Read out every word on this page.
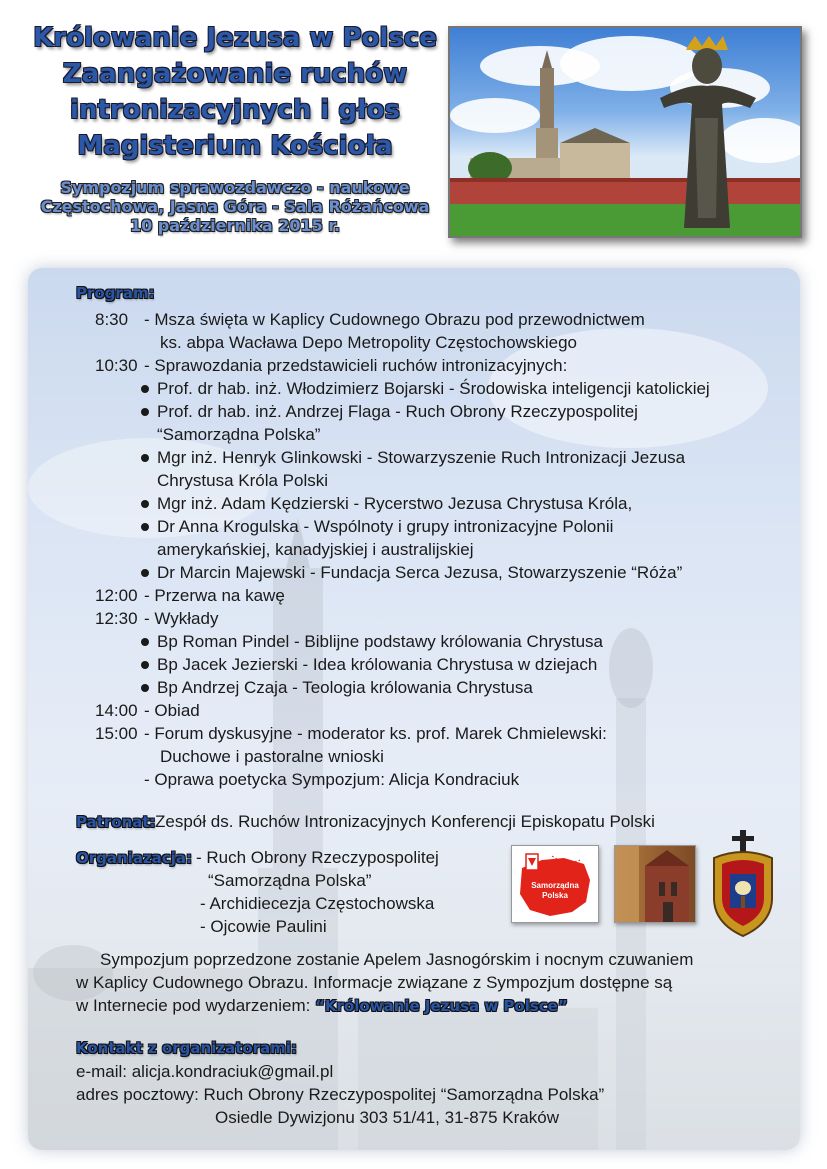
Królowanie Jezusa w Polsce
Zaangażowanie ruchów
intronizacyjnych i głos
Magisterium Kościoła
Sympozjum sprawozdawczo - naukowe
Częstochowa, Jasna Góra - Sala Różańcowa
10 października 2015 r.
Program:
8:30 - Msza święta w Kaplicy Cudownego Obrazu pod przewodnictwem
ks. abpa Wacława Depo Metropolity Częstochowskiego
10:30 - Sprawozdania przedstawicieli ruchów intronizacyjnych:
Prof. dr hab. inż. Włodzimierz Bojarski - Środowiska inteligencji katolickiej
Prof. dr hab. inż. Andrzej Flaga - Ruch Obrony Rzeczypospolitej
“Samorządna Polska”
Mgr inż. Henryk Glinkowski - Stowarzyszenie Ruch Intronizacji Jezusa
Chrystusa Króla Polski
Mgr inż. Adam Kędzierski - Rycerstwo Jezusa Chrystusa Króla,
Dr Anna Krogulska - Wspólnoty i grupy intronizacyjne Polonii
amerykańskiej, kanadyjskiej i australijskiej
Dr Marcin Majewski - Fundacja Serca Jezusa, Stowarzyszenie “Róża”
12:00 - Przerwa na kawę
12:30 - Wykłady
Bp Roman Pindel - Biblijne podstawy królowania Chrystusa
Bp Jacek Jezierski - Idea królowania Chrystusa w dziejach
Bp Andrzej Czaja - Teologia królowania Chrystusa
14:00 - Obiad
15:00 - Forum dyskusyjne - moderator ks. prof. Marek Chmielewski:
Duchowe i pastoralne wnioski
- Oprawa poetycka Sympozjum: Alicja Kondraciuk
Patronat: Zespół ds. Ruchów Intronizacyjnych Konferencji Episkopatu Polski
Organiazacja: - Ruch Obrony Rzeczypospolitej
“Samorządna Polska”
- Archidiecezja Częstochowska
- Ojcowie Paulini
Samorządna
Polska
Sympozjum poprzedzone zostanie Apelem Jasnogórskim i nocnym czuwaniem
w Kaplicy Cudownego Obrazu. Informacje związane z Sympozjum dostępne są
w Internecie pod wydarzeniem: “Królowanie Jezusa w Polsce”
Kontakt z organizatorami:
e-mail: alicja.kondraciuk@gmail.pl
adres pocztowy: Ruch Obrony Rzeczypospolitej “Samorządna Polska”
Osiedle Dywizjonu 303 51/41, 31-875 Kraków
